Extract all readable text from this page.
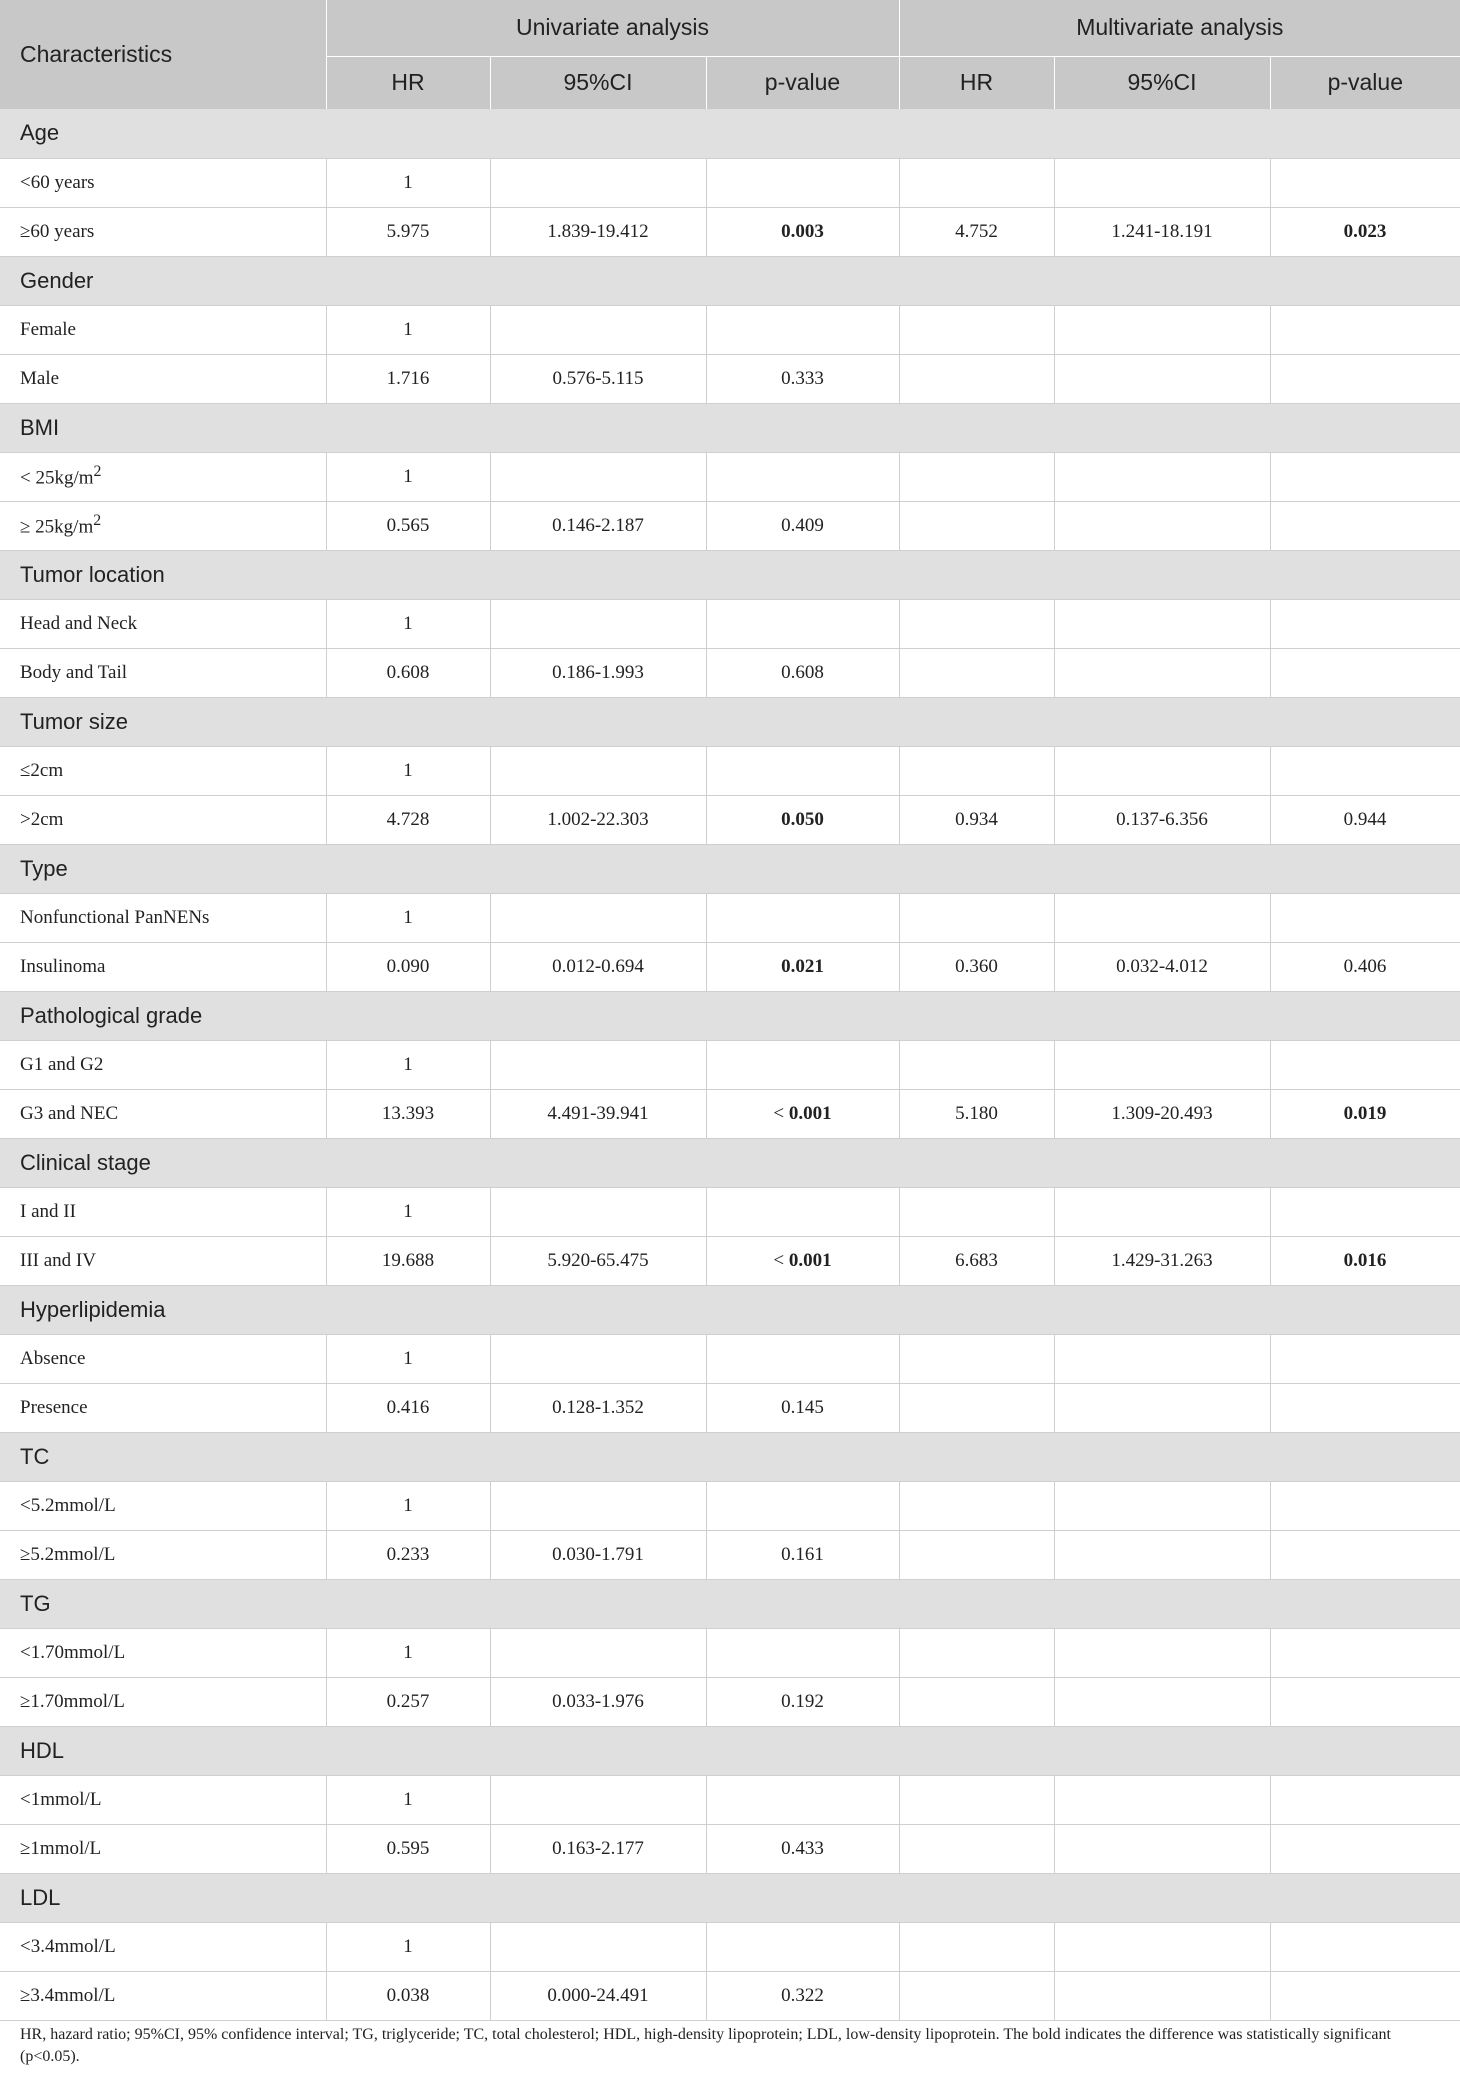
Characteristics	Univariate analysis			Multivariate analysis		
	HR	95%CI	p-value	HR	95%CI	p-value
Age						
<60 years	1					
≥60 years	5.975	1.839-19.412	0.003	4.752	1.241-18.191	0.023
Gender						
Female	1					
Male	1.716	0.576-5.115	0.333			
BMI						
< $25kg/m^2$	1					
≥ $25kg/m^2$	0.565	0.146-2.187	0.409			
Tumor location						
Head and Neck	1					
Body and Tail	0.608	0.186-1.993	0.608			
Tumor size						
≤2cm	1					
>2cm	4.728	1.002-22.303	0.050	0.934	0.137-6.356	0.944
Type						
Nonfunctional PanNENs	1					
Insulinoma	0.090	0.012-0.694	0.021	0.360	0.032-4.012	0.406
Pathological grade						
G1 and G2	1					
G3 and NEC	13.393	4.491-39.941	< 0.001	5.180	1.309-20.493	0.019
Clinical stage						
I and II	1					
III and IV	19.688	5.920-65.475	< 0.001	6.683	1.429-31.263	0.016
Hyperlipidemia						
Absence	1					
Presence	0.416	0.128-1.352	0.145			
TC						
<5.2mmol/L	1					
≥5.2mmol/L	0.233	0.030-1.791	0.161			
TG						
<1.70mmol/L	1					
≥1.70mmol/L	0.257	0.033-1.976	0.192			
HDL						
<1mmol/L	1					
≥1mmol/L	0.595	0.163-2.177	0.433			
LDL						
<3.4mmol/L	1					
≥3.4mmol/L	0.038	0.000-24.491	0.322			

HR, hazard ratio; 95%CI, 95% confidence interval; TG, triglyceride; TC, total cholesterol; HDL, high-density lipoprotein; LDL, low-density lipoprotein. The bold indicates the difference was statistically significant (p<0.05).
